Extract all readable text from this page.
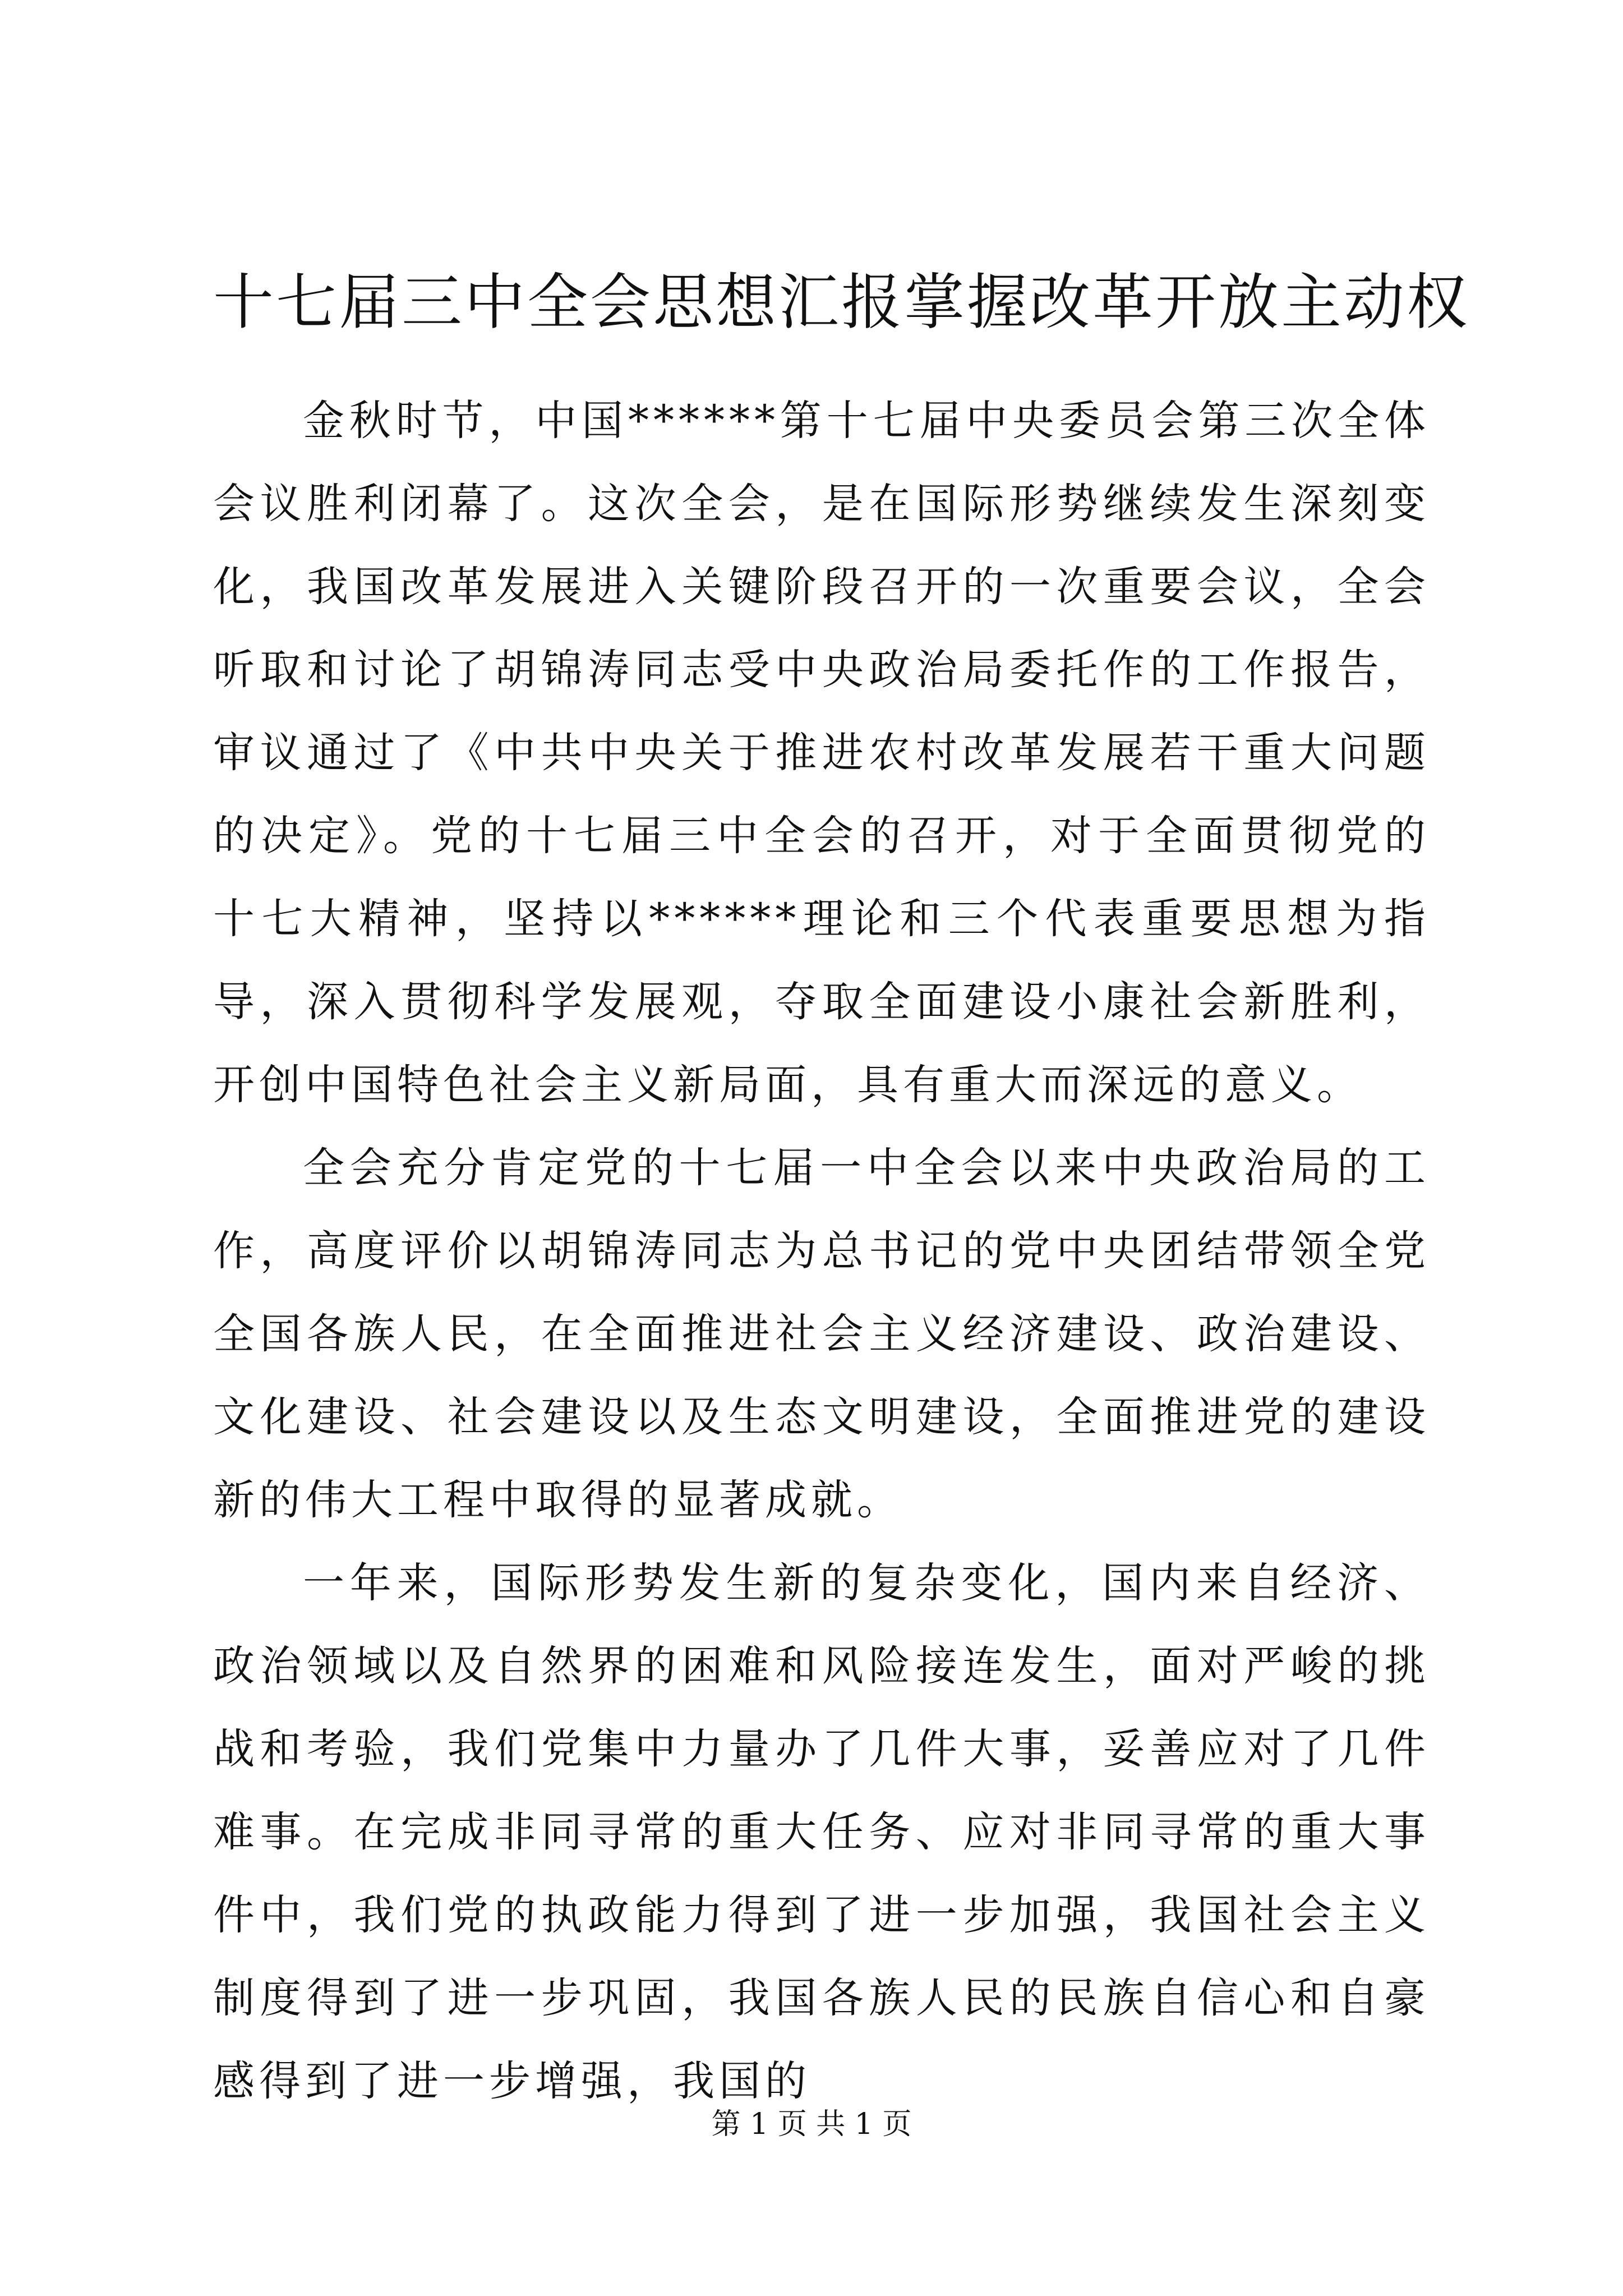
十七届三中全会思想汇报掌握改革开放主动权

金秋时节，中国******第十七届中央委员会第三次全体会议胜利闭幕了。这次全会，是在国际形势继续发生深刻变化，我国改革发展进入关键阶段召开的一次重要会议，全会听取和讨论了胡锦涛同志受中央政治局委托作的工作报告，审议通过了《中共中央关于推进农村改革发展若干重大问题的决定》。党的十七届三中全会的召开，对于全面贯彻党的十七大精神，坚持以******理论和三个代表重要思想为指导，深入贯彻科学发展观，夺取全面建设小康社会新胜利，开创中国特色社会主义新局面，具有重大而深远的意义。

全会充分肯定党的十七届一中全会以来中央政治局的工作，高度评价以胡锦涛同志为总书记的党中央团结带领全党全国各族人民，在全面推进社会主义经济建设、政治建设、文化建设、社会建设以及生态文明建设，全面推进党的建设新的伟大工程中取得的显著成就。

一年来，国际形势发生新的复杂变化，国内来自经济、政治领域以及自然界的困难和风险接连发生，面对严峻的挑战和考验，我们党集中力量办了几件大事，妥善应对了几件难事。在完成非同寻常的重大任务、应对非同寻常的重大事件中，我们党的执政能力得到了进一步加强，我国社会主义制度得到了进一步巩固，我国各族人民的民族自信心和自豪感得到了进一步增强，我国的

第 1 页 共 1 页
